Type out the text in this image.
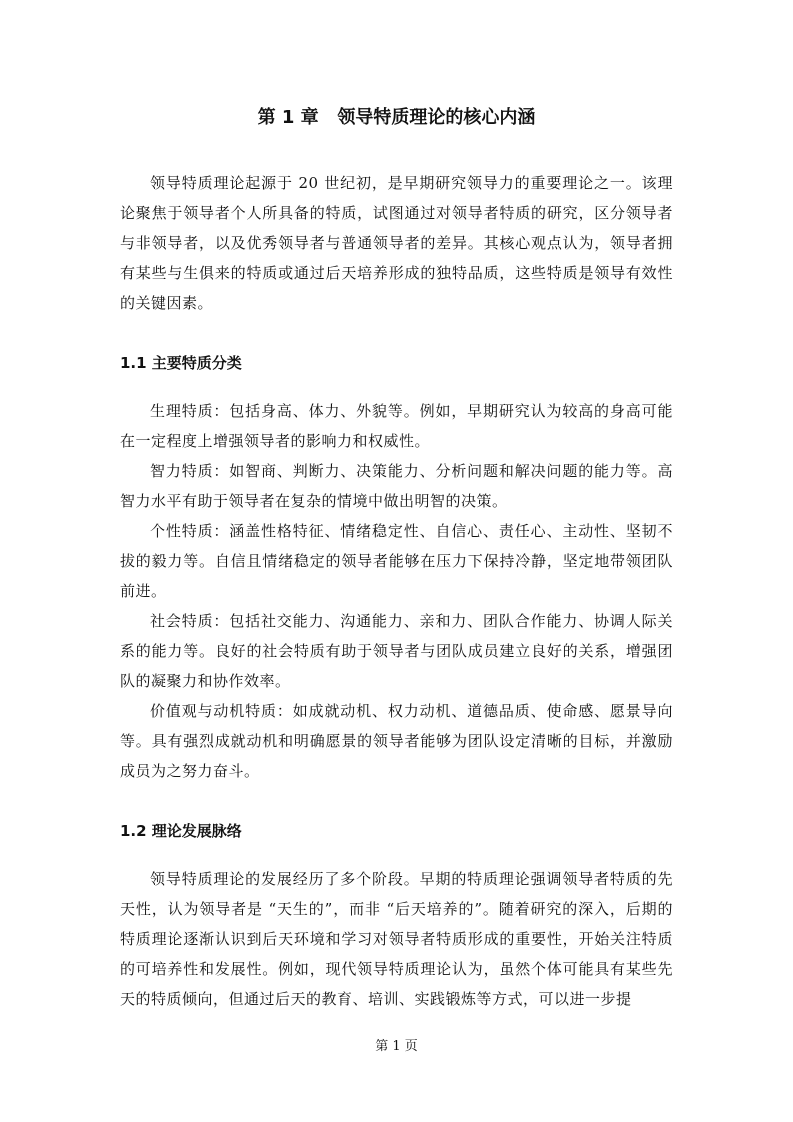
第 1 章   领导特质理论的核心内涵

领导特质理论起源于 20 世纪初，是早期研究领导力的重要理论之一。该理论聚焦于领导者个人所具备的特质，试图通过对领导者特质的研究，区分领导者与非领导者，以及优秀领导者与普通领导者的差异。其核心观点认为，领导者拥有某些与生俱来的特质或通过后天培养形成的独特品质，这些特质是领导有效性的关键因素。

1.1 主要特质分类

生理特质：包括身高、体力、外貌等。例如，早期研究认为较高的身高可能在一定程度上增强领导者的影响力和权威性。

智力特质：如智商、判断力、决策能力、分析问题和解决问题的能力等。高智力水平有助于领导者在复杂的情境中做出明智的决策。

个性特质：涵盖性格特征、情绪稳定性、自信心、责任心、主动性、坚韧不拔的毅力等。自信且情绪稳定的领导者能够在压力下保持冷静，坚定地带领团队前进。

社会特质：包括社交能力、沟通能力、亲和力、团队合作能力、协调人际关系的能力等。良好的社会特质有助于领导者与团队成员建立良好的关系，增强团队的凝聚力和协作效率。

价值观与动机特质：如成就动机、权力动机、道德品质、使命感、愿景导向等。具有强烈成就动机和明确愿景的领导者能够为团队设定清晰的目标，并激励成员为之努力奋斗。

1.2 理论发展脉络

领导特质理论的发展经历了多个阶段。早期的特质理论强调领导者特质的先天性，认为领导者是 “天生的”，而非 “后天培养的”。随着研究的深入，后期的特质理论逐渐认识到后天环境和学习对领导者特质形成的重要性，开始关注特质的可培养性和发展性。例如，现代领导特质理论认为，虽然个体可能具有某些先天的特质倾向，但通过后天的教育、培训、实践锻炼等方式，可以进一步提

第 1 页
